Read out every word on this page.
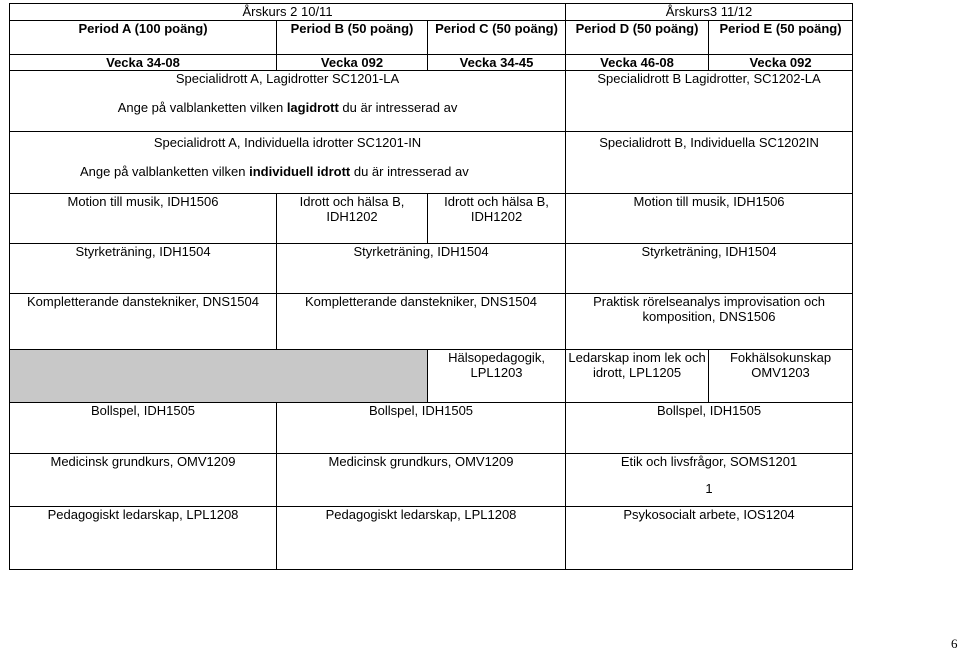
Årskurs 2 10/11			Årskurs3 11/12	
Period A (100 poäng)	Period B (50 poäng)	Period C (50 poäng)	Period D (50 poäng)	Period E (50 poäng)
Vecka 34-08	Vecka 092	Vecka 34-45	Vecka 46-08	Vecka 092

Specialidrott A, Lagidrotter SC1201-LA
Ange på valblanketten vilken lagidrott du är intresserad av			Specialidrott B Lagidrotter, SC1202-LA	

Specialidrott A, Individuella idrotter SC1201-IN
Ange på valblanketten vilken individuell idrott du är intresserad av			Specialidrott B, Individuella SC1202IN	

Motion till musik, IDH1506	Idrott och hälsa B, IDH1202	Idrott och hälsa B, IDH1202	Motion till musik, IDH1506	
Styrketräning, IDH1504	Styrketräning, IDH1504		Styrketräning, IDH1504	
Kompletterande danstekniker, DNS1504	Kompletterande danstekniker, DNS1504		Praktisk rörelseanalys improvisation och komposition, DNS1506	
		Hälsopedagogik, LPL1203	Ledarskap inom lek och idrott, LPL1205	Fokhälsokunskap OMV1203
Bollspel, IDH1505	Bollspel, IDH1505		Bollspel, IDH1505	
Medicinsk grundkurs, OMV1209	Medicinsk grundkurs, OMV1209		Etik och livsfrågor, SOMS1201
1	

Pedagogiskt ledarskap, LPL1208	Pedagogiskt ledarskap, LPL1208		Psykosocialt arbete, IOS1204	
6
